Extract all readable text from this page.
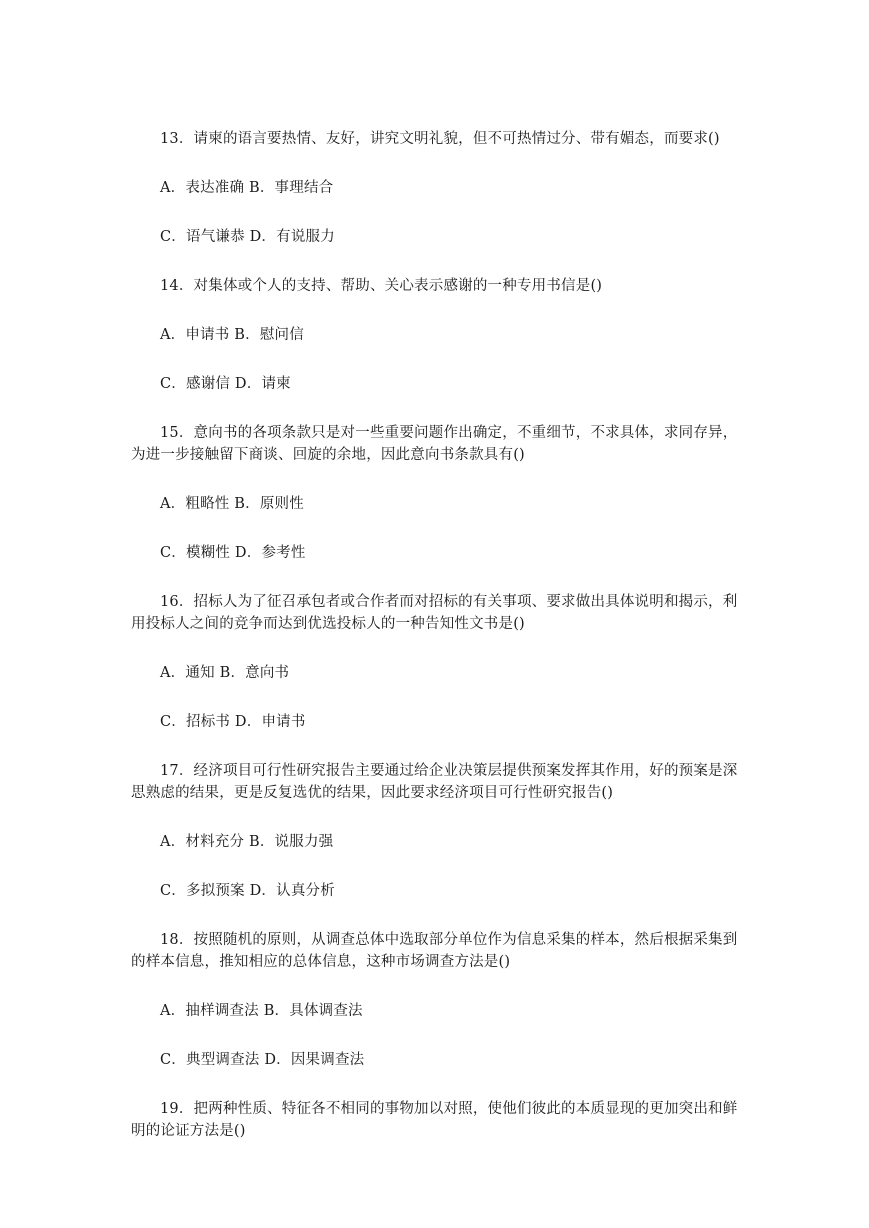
13．请柬的语言要热情、友好，讲究文明礼貌，但不可热情过分、带有媚态，而要求()

A．表达准确 B．事理结合

C．语气谦恭 D．有说服力

14．对集体或个人的支持、帮助、关心表示感谢的一种专用书信是()

A．申请书 B．慰问信

C．感谢信 D．请柬

15．意向书的各项条款只是对一些重要问题作出确定，不重细节，不求具体，求同存异，为进一步接触留下商谈、回旋的余地，因此意向书条款具有()

A．粗略性 B．原则性

C．模糊性 D．参考性

16．招标人为了征召承包者或合作者而对招标的有关事项、要求做出具体说明和揭示，利用投标人之间的竞争而达到优选投标人的一种告知性文书是()

A．通知 B．意向书

C．招标书 D．申请书

17．经济项目可行性研究报告主要通过给企业决策层提供预案发挥其作用，好的预案是深思熟虑的结果，更是反复选优的结果，因此要求经济项目可行性研究报告()

A．材料充分 B．说服力强

C．多拟预案 D．认真分析

18．按照随机的原则，从调查总体中选取部分单位作为信息采集的样本，然后根据采集到的样本信息，推知相应的总体信息，这种市场调查方法是()

A．抽样调查法 B．具体调查法

C．典型调查法 D．因果调查法

19．把两种性质、特征各不相同的事物加以对照，使他们彼此的本质显现的更加突出和鲜明的论证方法是()
